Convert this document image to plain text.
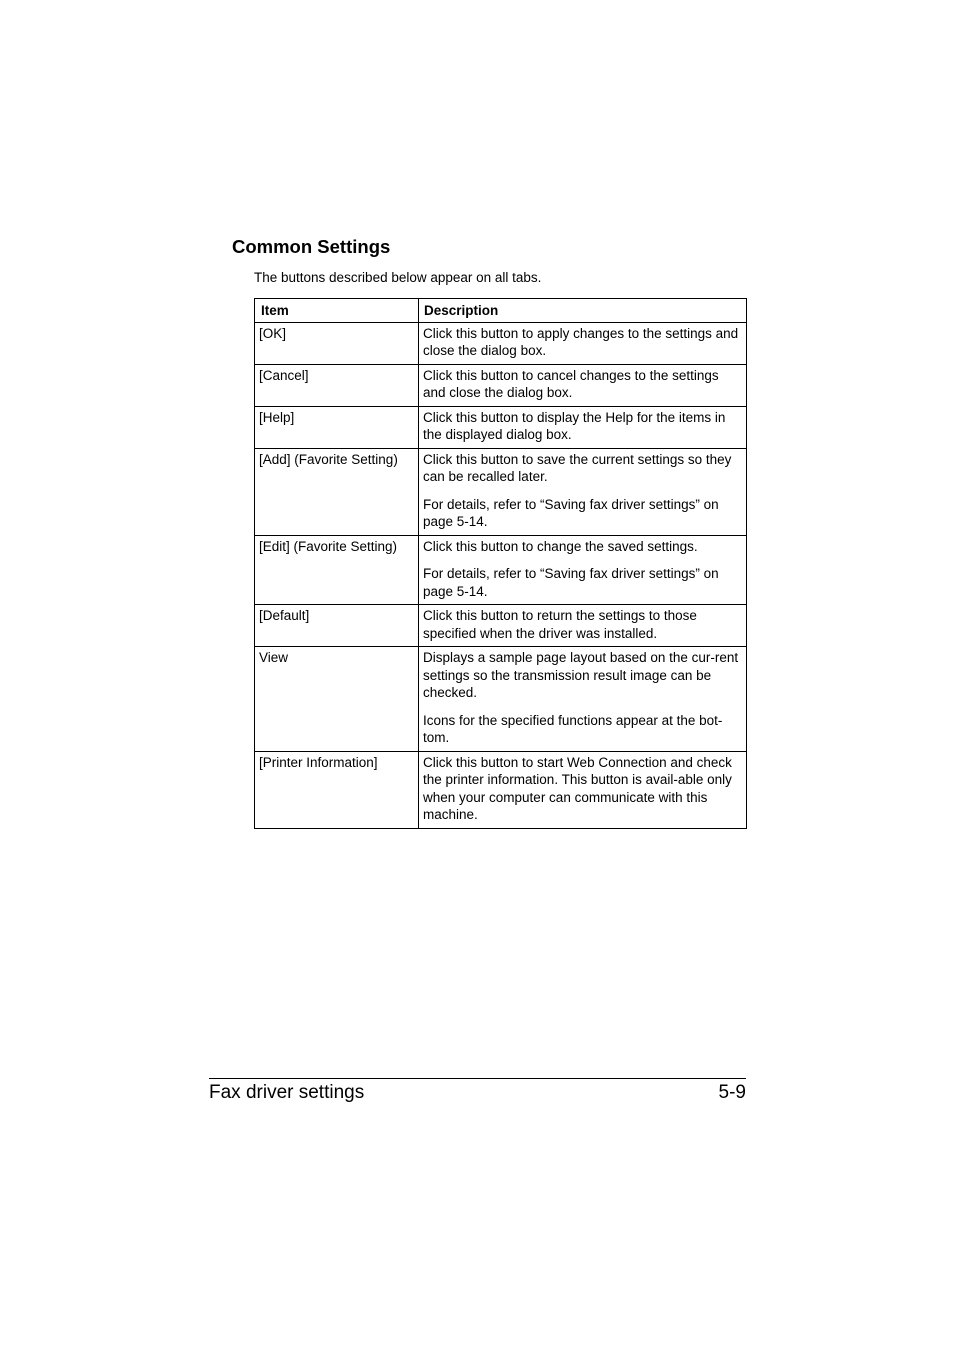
Common Settings

The buttons described below appear on all tabs.

Item	Description
[OK]	Click this button to apply changes to the settings and close the dialog box.

[Cancel]	Click this button to cancel changes to the settings and close the dialog box.

[Help]	Click this button to display the Help for the items in the displayed dialog box.

[Add] (Favorite Setting)	Click this button to save the current settings so they can be recalled later.

For details, refer to “Saving fax driver settings” on page 5-14.

[Edit] (Favorite Setting)	Click this button to change the saved settings.

For details, refer to “Saving fax driver settings” on page 5-14.

[Default]	Click this button to return the settings to those specified when the driver was installed.

View	Displays a sample page layout based on the cur-rent settings so the transmission result image can be checked.

Icons for the specified functions appear at the bot-tom.

[Printer Information]	Click this button to start Web Connection and check the printer information. This button is avail-able only when your computer can communicate with this machine.

Fax driver settings	5-9
